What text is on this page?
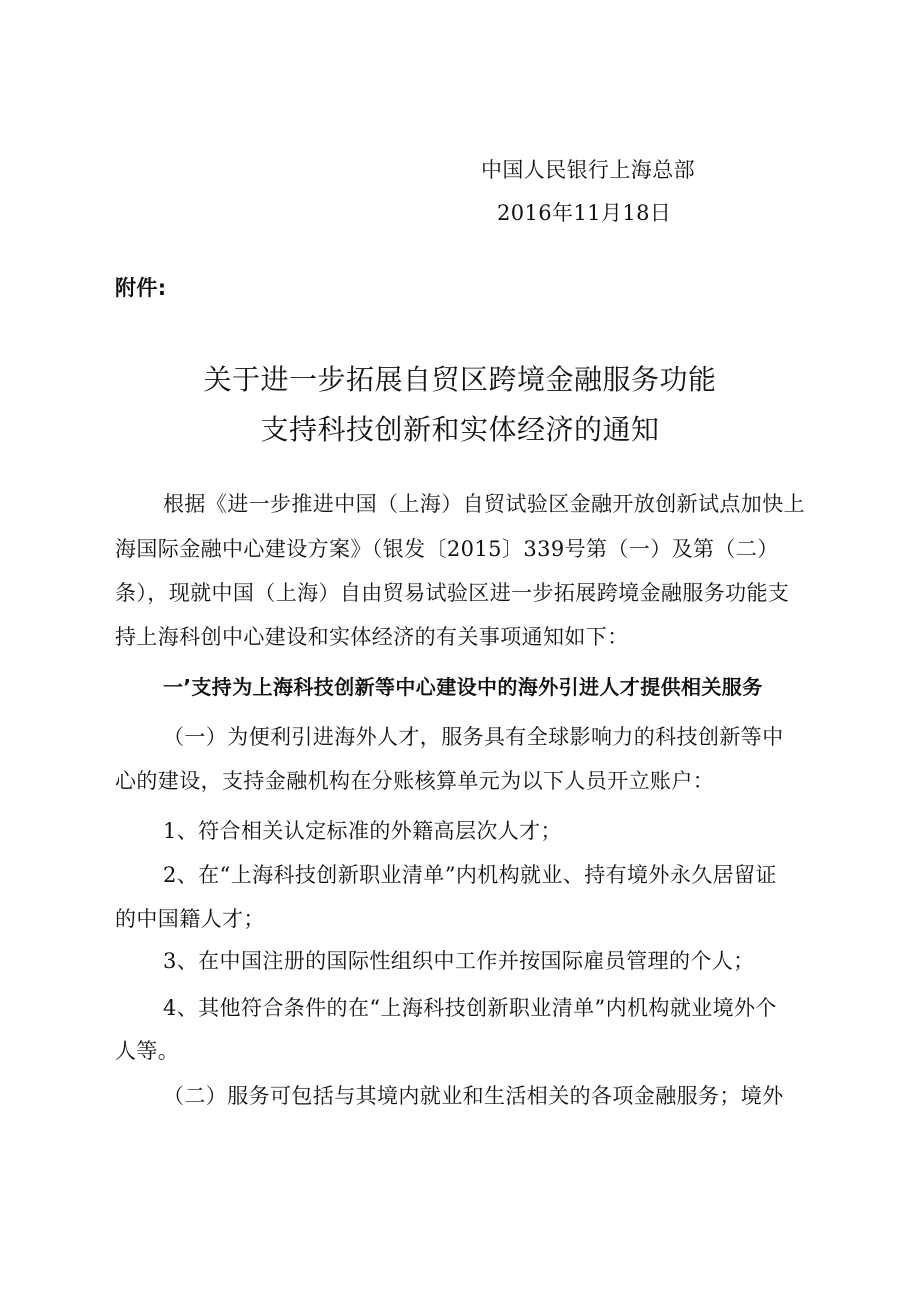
中国人民银行上海总部
2016年11月18日
附件:
关于进一步拓展自贸区跨境金融服务功能
支持科技创新和实体经济的通知
根据《进一步推进中国（上海）自贸试验区金融开放创新试点加快上
海国际金融中心建设方案》（银发〔2015〕339号第（一）及第（二）
条），现就中国（上海）自由贸易试验区进一步拓展跨境金融服务功能支
持上海科创中心建设和实体经济的有关事项通知如下：
一’支持为上海科技创新等中心建设中的海外引进人才提供相关服务
（一）为便利引进海外人才，服务具有全球影响力的科技创新等中
心的建设，支持金融机构在分账核算单元为以下人员开立账户：
1、符合相关认定标准的外籍高层次人才；
2、在“上海科技创新职业清单”内机构就业、持有境外永久居留证
的中国籍人才；
3、在中国注册的国际性组织中工作并按国际雇员管理的个人；
4、其他符合条件的在“上海科技创新职业清单”内机构就业境外个
人等。
（二）服务可包括与其境内就业和生活相关的各项金融服务；境外
